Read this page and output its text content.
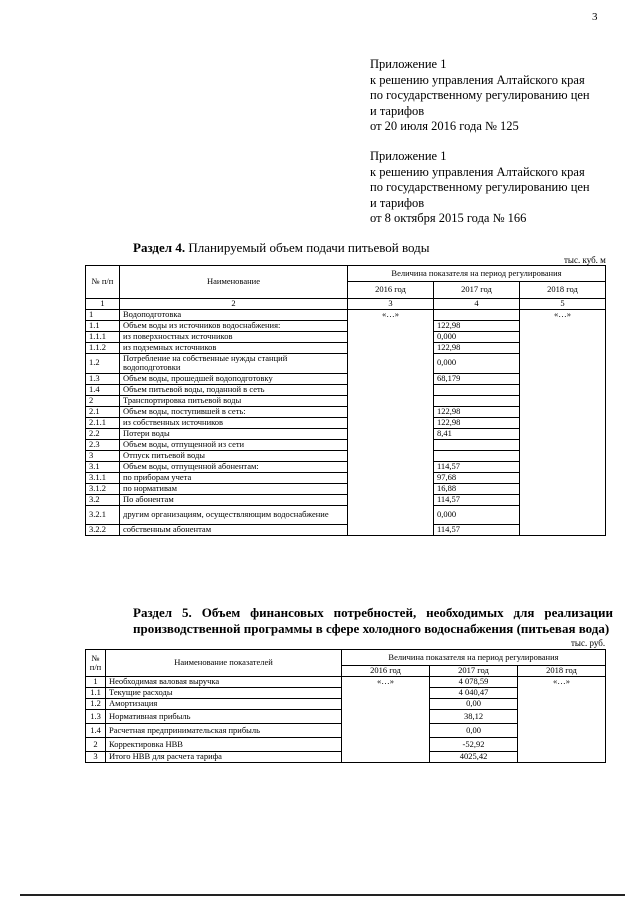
3
Приложение 1
к решению управления Алтайского края
по государственному регулированию цен
и тарифов
от 20 июля 2016 года № 125
Приложение 1
к решению управления Алтайского края
по государственному регулированию цен
и тарифов
от 8 октября 2015 года № 166
Раздел 4. Планируемый объем подачи питьевой воды
тыс. куб. м
№ п/п	Наименование	Величина показателя на период регулирования		
		2016 год	2017 год	2018 год
1	2	3	4	5
1	Водоподготовка	«…»		«…»
1.1	Объем воды из источников водоснабжения:		122,98	
1.1.1	из поверхностных источников		0,000	
1.1.2	из подземных источников		122,98	
1.2	Потребление на собственные нужды станций водоподготовки		0,000	
1.3	Объем воды, прошедшей водоподготовку		68,179	
1.4	Объем питьевой воды, поданной в сеть			
2	Транспортировка питьевой воды			
2.1	Объем воды, поступившей в сеть:		122,98	
2.1.1	из собственных источников		122,98	
2.2	Потери воды		8,41	
2.3	Объем воды, отпущенной из сети			
3	Отпуск питьевой воды			
3.1	Объем воды, отпущенной абонентам:		114,57	
3.1.1	по приборам учета		97,68	
3.1.2	по нормативам		16,88	
3.2	По абонентам		114,57	
3.2.1	другим организациям, осуществляющим водоснабжение		0,000	
3.2.2	собственным абонентам		114,57	
Раздел 5. Объем финансовых потребностей, необходимых для реализации производственной программы в сфере холодного водоснабжения (питьевая вода)
тыс. руб.
№ п/п	Наименование показателей	Величина показателя на период регулирования		
		2016 год	2017 год	2018 год
1	Необходимая валовая выручка	«…»	4 078,59	«…»
1.1	Текущие расходы		4 040,47	
1.2	Амортизация		0,00	
1.3	Нормативная прибыль		38,12	
1.4	Расчетная предпринимательская прибыль		0,00	
2	Корректировка НВВ		-52,92	
3	Итого НВВ для расчета тарифа		4025,42	
